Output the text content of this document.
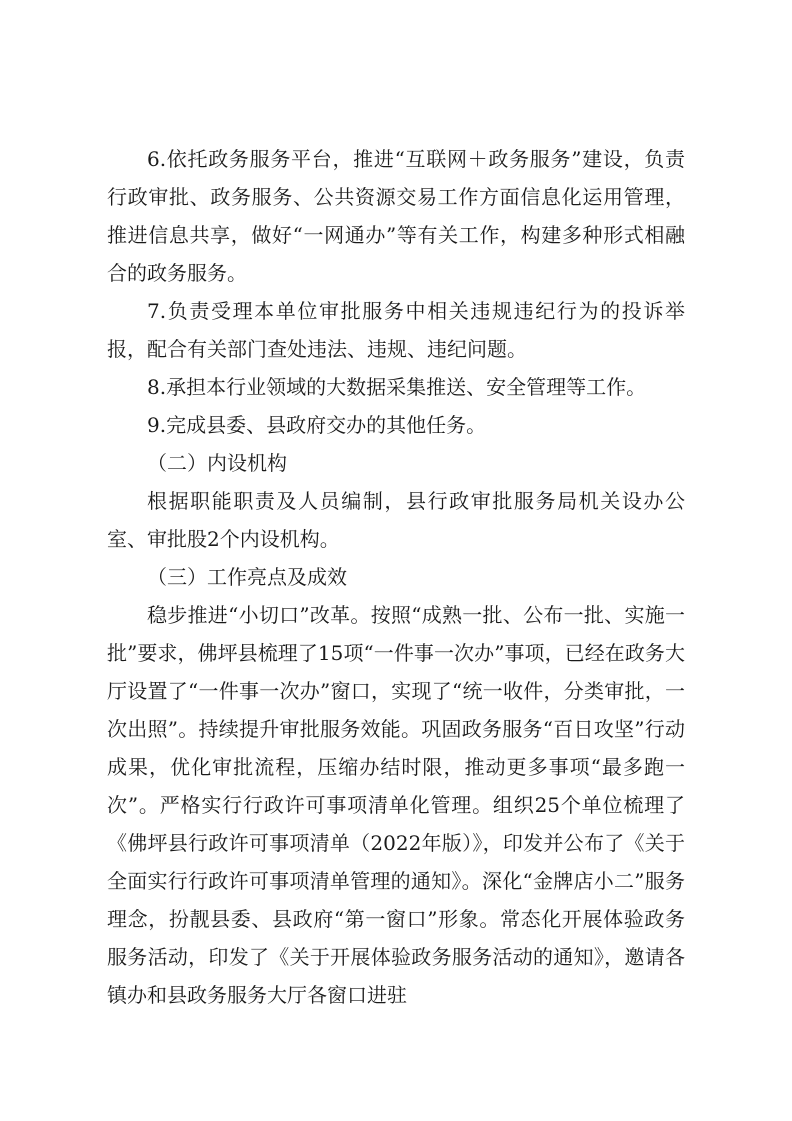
6.依托政务服务平台，推进“互联网＋政务服务”建设，负责行政审批、政务服务、公共资源交易工作方面信息化运用管理，推进信息共享，做好“一网通办”等有关工作，构建多种形式相融合的政务服务。

7.负责受理本单位审批服务中相关违规违纪行为的投诉举报，配合有关部门查处违法、违规、违纪问题。

8.承担本行业领域的大数据采集推送、安全管理等工作。

9.完成县委、县政府交办的其他任务。

（二）内设机构

根据职能职责及人员编制，县行政审批服务局机关设办公室、审批股2个内设机构。

（三）工作亮点及成效

稳步推进“小切口”改革。按照“成熟一批、公布一批、实施一批”要求，佛坪县梳理了15项“一件事一次办”事项，已经在政务大厅设置了“一件事一次办”窗口，实现了“统一收件，分类审批，一次出照”。持续提升审批服务效能。巩固政务服务“百日攻坚”行动成果，优化审批流程，压缩办结时限，推动更多事项“最多跑一次”。严格实行行政许可事项清单化管理。组织25个单位梳理了《佛坪县行政许可事项清单（2022年版）》，印发并公布了《关于全面实行行政许可事项清单管理的通知》。深化“金牌店小二”服务理念，扮靓县委、县政府“第一窗口”形象。常态化开展体验政务服务活动，印发了《关于开展体验政务服务活动的通知》，邀请各镇办和县政务服务大厅各窗口进驻
